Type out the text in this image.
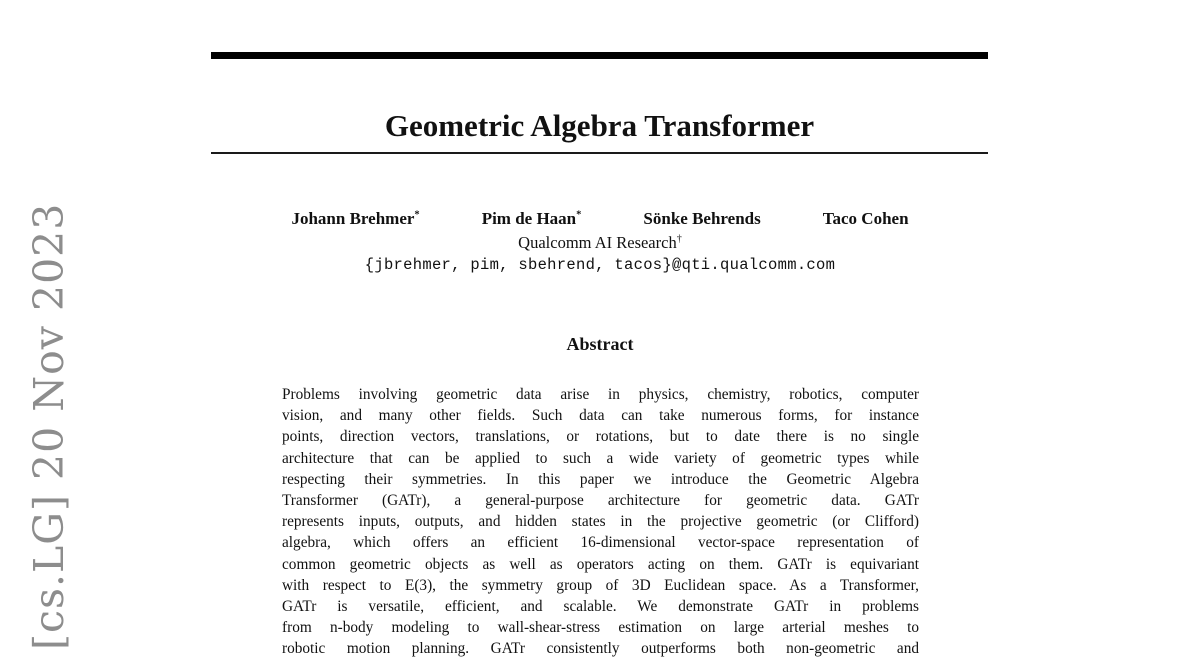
[cs.LG] 20 Nov 2023
Geometric Algebra Transformer
Johann Brehmer*	Pim de Haan*	Sönke Behrends	Taco Cohen
Qualcomm AI Research†
{jbrehmer, pim, sbehrend, tacos}@qti.qualcomm.com
Abstract
Problems involving geometric data arise in physics, chemistry, robotics, computer
vision, and many other fields. Such data can take numerous forms, for instance
points, direction vectors, translations, or rotations, but to date there is no single
architecture that can be applied to such a wide variety of geometric types while
respecting their symmetries. In this paper we introduce the Geometric Algebra
Transformer (GATr), a general-purpose architecture for geometric data. GATr
represents inputs, outputs, and hidden states in the projective geometric (or Clifford)
algebra, which offers an efficient 16-dimensional vector-space representation of
common geometric objects as well as operators acting on them. GATr is equivariant
with respect to E(3), the symmetry group of 3D Euclidean space. As a Transformer,
GATr is versatile, efficient, and scalable. We demonstrate GATr in problems
from n-body modeling to wall-shear-stress estimation on large arterial meshes to
robotic motion planning. GATr consistently outperforms both non-geometric and
